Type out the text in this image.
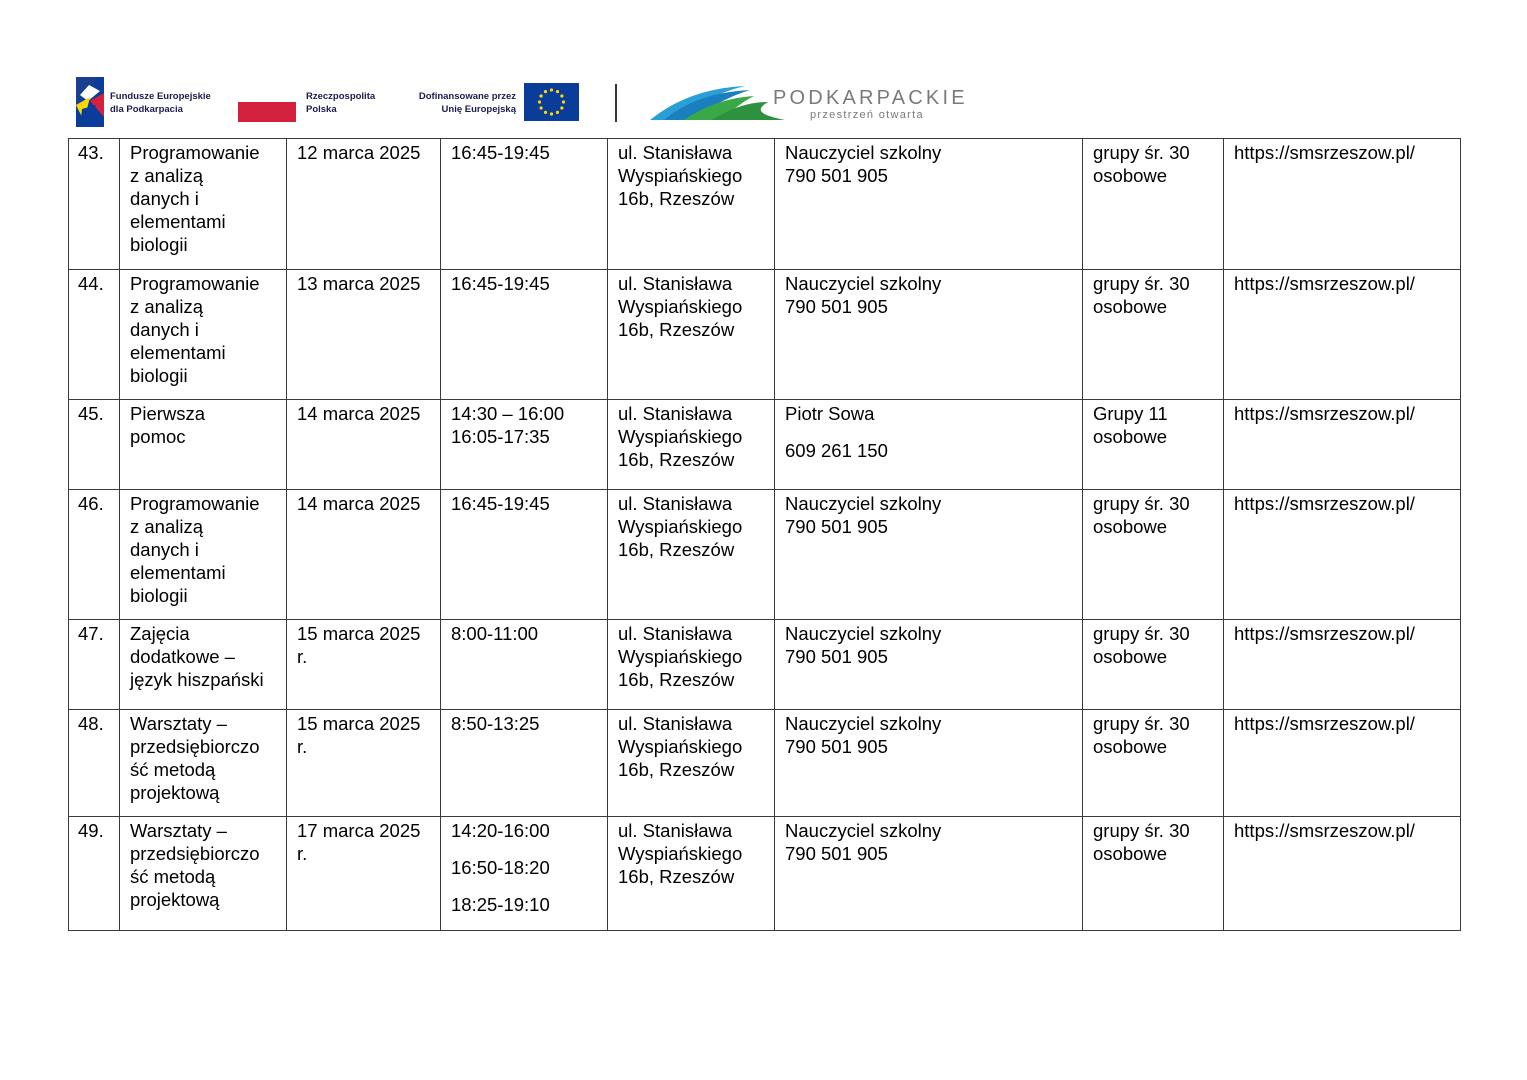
Fundusze Europejskie
dla Podkarpacia
Rzeczpospolita
Polska
Dofinansowane przez
Unię Europejską
PODKARPACKIE
przestrzeń otwarta
43.	Programowanie
z analizą
danych i
elementami
biologii	12 marca 2025	16:45-19:45	ul. Stanisława
Wyspiańskiego
16b, Rzeszów	Nauczyciel szkolny
790 501 905	grupy śr. 30
osobowe	https://smsrzeszow.pl/

44.	Programowanie
z analizą
danych i
elementami
biologii	13 marca 2025	16:45-19:45	ul. Stanisława
Wyspiańskiego
16b, Rzeszów	Nauczyciel szkolny
790 501 905	grupy śr. 30
osobowe	https://smsrzeszow.pl/

45.	Pierwsza
pomoc	14 marca 2025	14:30 – 16:00
16:05-17:35	ul. Stanisława
Wyspiańskiego
16b, Rzeszów	Piotr Sowa
609 261 150	Grupy 11
osobowe	https://smsrzeszow.pl/

46.	Programowanie
z analizą
danych i
elementami
biologii	14 marca 2025	16:45-19:45	ul. Stanisława
Wyspiańskiego
16b, Rzeszów	Nauczyciel szkolny
790 501 905	grupy śr. 30
osobowe	https://smsrzeszow.pl/

47.	Zajęcia
dodatkowe –
język hiszpański	15 marca 2025
r.	8:00-11:00	ul. Stanisława
Wyspiańskiego
16b, Rzeszów	Nauczyciel szkolny
790 501 905	grupy śr. 30
osobowe	https://smsrzeszow.pl/

48.	Warsztaty –
przedsiębiorczo
ść metodą
projektową	15 marca 2025
r.	8:50-13:25	ul. Stanisława
Wyspiańskiego
16b, Rzeszów	Nauczyciel szkolny
790 501 905	grupy śr. 30
osobowe	https://smsrzeszow.pl/

49.	Warsztaty –
przedsiębiorczo
ść metodą
projektową	17 marca 2025
r.	14:20-16:00
16:50-18:20
18:25-19:10	ul. Stanisława
Wyspiańskiego
16b, Rzeszów	Nauczyciel szkolny
790 501 905	grupy śr. 30
osobowe	https://smsrzeszow.pl/
